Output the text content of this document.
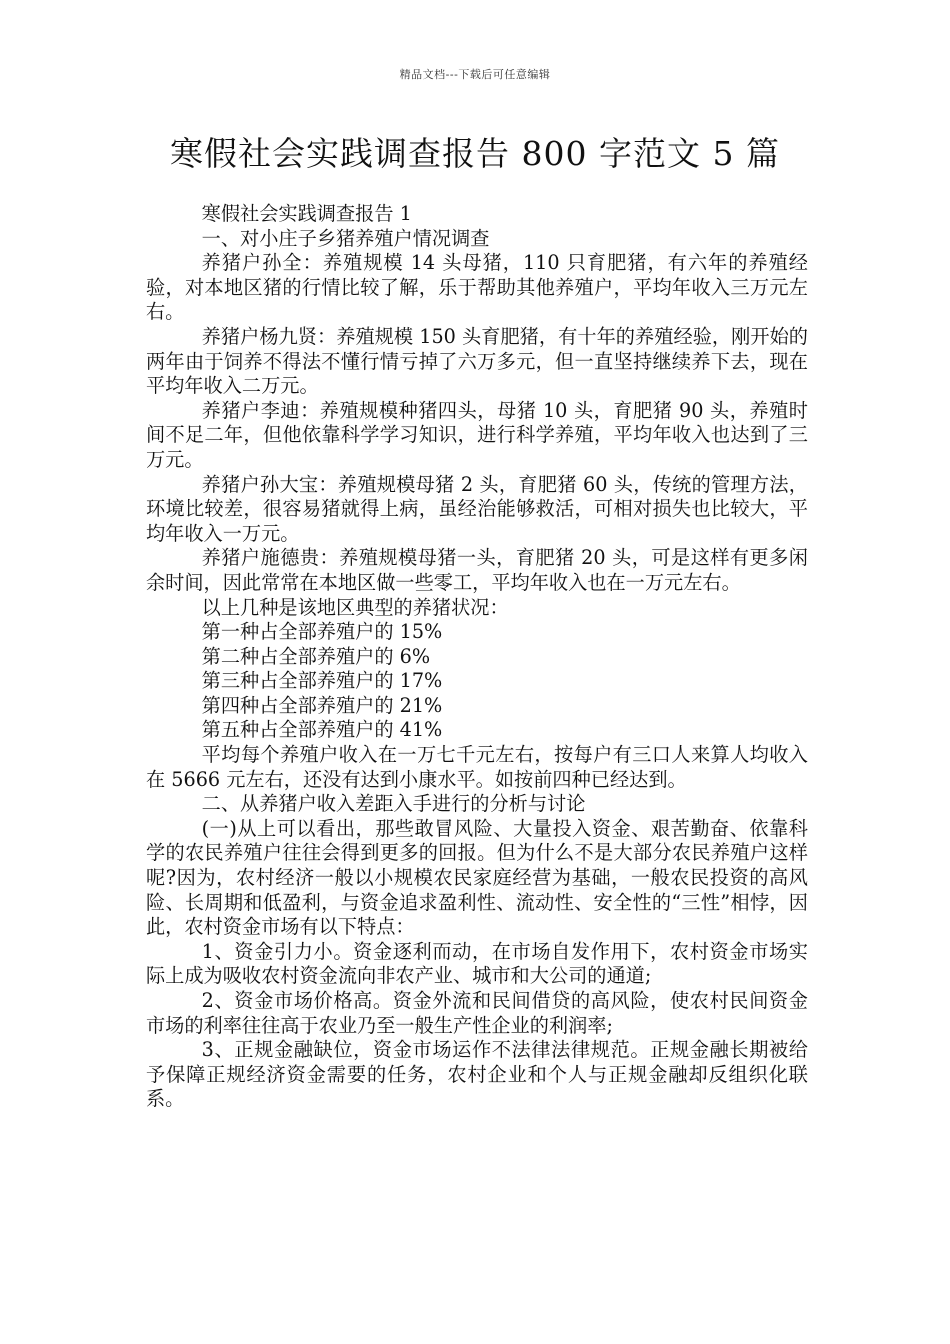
精品文档---下载后可任意编辑
寒假社会实践调查报告 800 字范文 5 篇

寒假社会实践调查报告 1

一、对小庄子乡猪养殖户情况调查

养猪户孙全：养殖规模 14 头母猪，110 只育肥猪，有六年的养殖经验，对本地区猪的行情比较了解，乐于帮助其他养殖户，平均年收入三万元左右。

养猪户杨九贤：养殖规模 150 头育肥猪，有十年的养殖经验，刚开始的两年由于饲养不得法不懂行情亏掉了六万多元，但一直坚持继续养下去，现在平均年收入二万元。

养猪户李迪：养殖规模种猪四头，母猪 10 头，育肥猪 90 头，养殖时间不足二年，但他依靠科学学习知识，进行科学养殖，平均年收入也达到了三万元。

养猪户孙大宝：养殖规模母猪 2 头，育肥猪 60 头，传统的管理方法，环境比较差，很容易猪就得上病，虽经治能够救活，可相对损失也比较大，平均年收入一万元。

养猪户施德贵：养殖规模母猪一头，育肥猪 20 头，可是这样有更多闲余时间，因此常常在本地区做一些零工，平均年收入也在一万元左右。

以上几种是该地区典型的养猪状况：

第一种占全部养殖户的 15%

第二种占全部养殖户的 6%

第三种占全部养殖户的 17%

第四种占全部养殖户的 21%

第五种占全部养殖户的 41%

平均每个养殖户收入在一万七千元左右，按每户有三口人来算人均收入在 5666 元左右，还没有达到小康水平。如按前四种已经达到。

二、从养猪户收入差距入手进行的分析与讨论

(一)从上可以看出，那些敢冒风险、大量投入资金、艰苦勤奋、依靠科学的农民养殖户往往会得到更多的回报。但为什么不是大部分农民养殖户这样呢?因为，农村经济一般以小规模农民家庭经营为基础，一般农民投资的高风险、长周期和低盈利，与资金追求盈利性、流动性、安全性的“三性”相悖，因此，农村资金市场有以下特点：

1、资金引力小。资金逐利而动，在市场自发作用下，农村资金市场实际上成为吸收农村资金流向非农产业、城市和大公司的通道;

2、资金市场价格高。资金外流和民间借贷的高风险，使农村民间资金市场的利率往往高于农业乃至一般生产性企业的利润率;

3、正规金融缺位，资金市场运作不法律法律规范。正规金融长期被给予保障正规经济资金需要的任务，农村企业和个人与正规金融却反组织化联系。
